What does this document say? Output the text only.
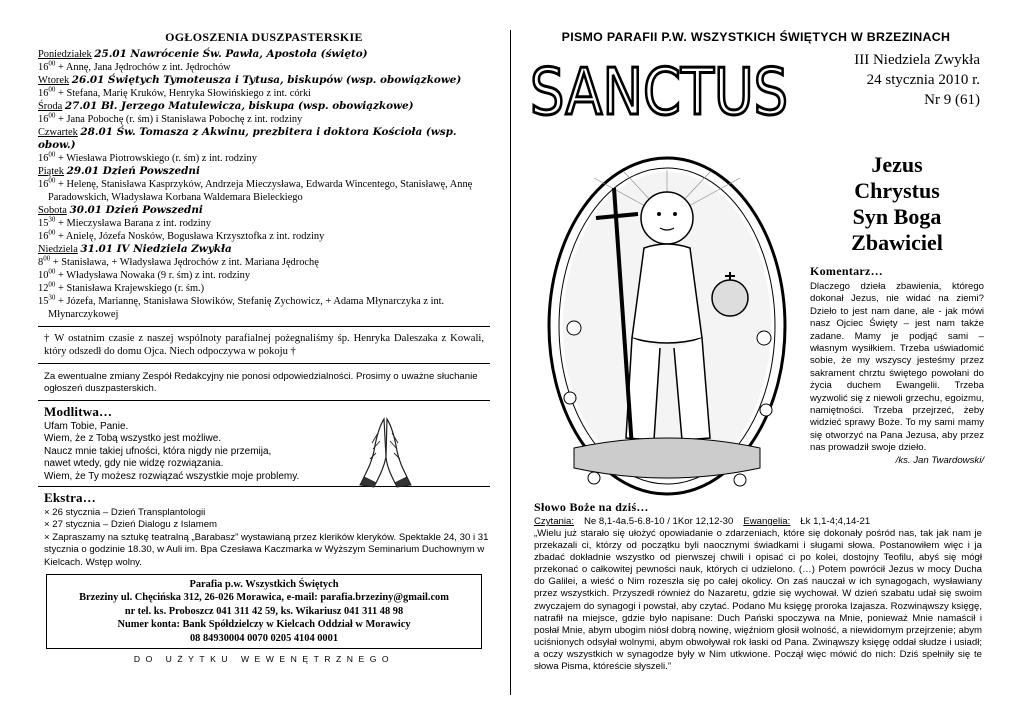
OGŁOSZENIA DUSZPASTERSKIE
Poniedziałek 25.01 Nawrócenie Św. Pawła, Apostoła (święto)
$16^{00}$ + Annę, Jana Jędrochów z int. Jędrochów
Wtorek 26.01 Świętych Tymoteusza i Tytusa, biskupów (wsp. obowiązkowe)
$16^{00}$ + Stefana, Marię Kruków, Henryka Słowińskiego z int. córki
Środa 27.01 Bł. Jerzego Matulewicza, biskupa (wsp. obowiązkowe)
$16^{00}$ + Jana Pobochę (r. śm) i Stanisława Pobochę z int. rodziny
Czwartek 28.01 Św. Tomasza z Akwinu, prezbitera i doktora Kościoła (wsp. obow.)
$16^{00}$ + Wiesława Piotrowskiego (r. śm) z int. rodziny
Piątek 29.01 Dzień Powszedni
$16^{00}$ + Helenę, Stanisława Kasprzyków, Andrzeja Mieczysława, Edwarda Wincentego, Stanisławę, Annę Paradowskich, Władysława Korbana Waldemara Bieleckiego
Sobota 30.01 Dzień Powszedni
$15^{30}$ + Mieczysława Barana z int. rodziny
$16^{00}$ + Anielę, Józefa Nosków, Bogusława Krzysztofka z int. rodziny
Niedziela 31.01 IV Niedziela Zwykła
$8^{00}$ + Stanisława, + Władysława Jędrochów z int. Mariana Jędrochę
$10^{00}$ + Władysława Nowaka (9 r. śm) z int. rodziny
$12^{00}$ + Stanisława Krajewskiego (r. śm.)
$15^{30}$ + Józefa, Mariannę, Stanisława Słowików, Stefanię Zychowicz, + Adama Młynarczyka z int. Młynarczykowej
† W ostatnim czasie z naszej wspólnoty parafialnej pożegnaliśmy śp. Henryka Daleszaka z Kowali, który odszedł do domu Ojca. Niech odpoczywa w pokoju †
Za ewentualne zmiany Zespół Redakcyjny nie ponosi odpowiedzialności. Prosimy o uważne słuchanie ogłoszeń duszpasterskich.
Modlitwa…
Ufam Tobie, Panie.
Wiem, że z Tobą wszystko jest możliwe.
Naucz mnie takiej ufności, która nigdy nie przemija,
nawet wtedy, gdy nie widzę rozwiązania.
Wiem, że Ty możesz rozwiązać wszystkie moje problemy.
Ekstra…
× 26 stycznia – Dzień Transplantologii
× 27 stycznia – Dzień Dialogu z Islamem
× Zapraszamy na sztukę teatralną „Barabasz” wystawianą przez klerików kleryków. Spektakle 24, 30 i 31 stycznia o godzinie 18.30, w Auli im. Bpa Czesława Kaczmarka w Wyższym Seminarium Duchownym w Kielcach. Wstęp wolny.
Parafia p.w. Wszystkich Świętych
Brzeziny ul. Chęcińska 312, 26-026 Morawica, e-mail: parafia.brzeziny@gmail.com
nr tel. ks. Proboszcz 041 311 42 59, ks. Wikariusz 041 311 48 98
Numer konta: Bank Spółdzielczy w Kielcach Oddział w Morawicy
08 84930004 0070 0205 4104 0001
DO UŻYTKU WEWENĘTRZNEGO
PISMO PARAFII P.W. WSZYSTKICH ŚWIĘTYCH W BRZEZINACH
SANCTUS	III Niedziela Zwykła
24 stycznia 2010 r.
Nr 9 (61)
Jezus
Chrystus
Syn Boga
Zbawiciel
Komentarz…
Dlaczego dzieła zbawienia, którego dokonał Jezus, nie widać na ziemi? Dzieło to jest nam dane, ale - jak mówi nasz Ojciec Święty – jest nam także zadane. Mamy je podjąć sami – własnym wysiłkiem. Trzeba uświadomić sobie, że my wszyscy jesteśmy przez sakrament chrztu świętego powołani do życia duchem Ewangelii. Trzeba wyzwolić się z niewoli grzechu, egoizmu, namiętności. Trzeba przejrzeć, żeby widzieć sprawy Boże. To my sami mamy się otworzyć na Pana Jezusa, aby przez nas prowadził swoje dzieło.
/ks. Jan Twardowski/
Słowo Boże na dziś…
Czytania: Ne 8,1-4a.5-6.8-10 / 1Kor 12,12-30 Ewangelia: Łk 1,1-4;4,14-21
„Wielu już starało się ułożyć opowiadanie o zdarzeniach, które się dokonały pośród nas, tak jak nam je przekazali ci, którzy od początku byli naocznymi świadkami i sługami słowa. Postanowiłem więc i ja zbadać dokładnie wszystko od pierwszej chwili i opisać ci po kolei, dostojny Teofilu, abyś się mógł przekonać o całkowitej pewności nauk, których ci udzielono. (…) Potem powrócił Jezus w mocy Ducha do Galilei, a wieść o Nim rozeszła się po całej okolicy. On zaś nauczał w ich synagogach, wysławiany przez wszystkich. Przyszedł również do Nazaretu, gdzie się wychował. W dzień szabatu udał się swoim zwyczajem do synagogi i powstał, aby czytać. Podano Mu księgę proroka Izajasza. Rozwinąwszy księgę, natrafił na miejsce, gdzie było napisane: Duch Pański spoczywa na Mnie, ponieważ Mnie namaścił i posłał Mnie, abym ubogim niósł dobrą nowinę, więźniom głosił wolność, a niewidomym przejrzenie; abym uciśnionych odsyłał wolnymi, abym obwoływał rok łaski od Pana. Zwinąwszy księgę oddał słudze i usiadł; a oczy wszystkich w synagodze były w Nim utkwione. Począł więc mówić do nich: Dziś spełniły się te słowa Pisma, któreście słyszeli.”
